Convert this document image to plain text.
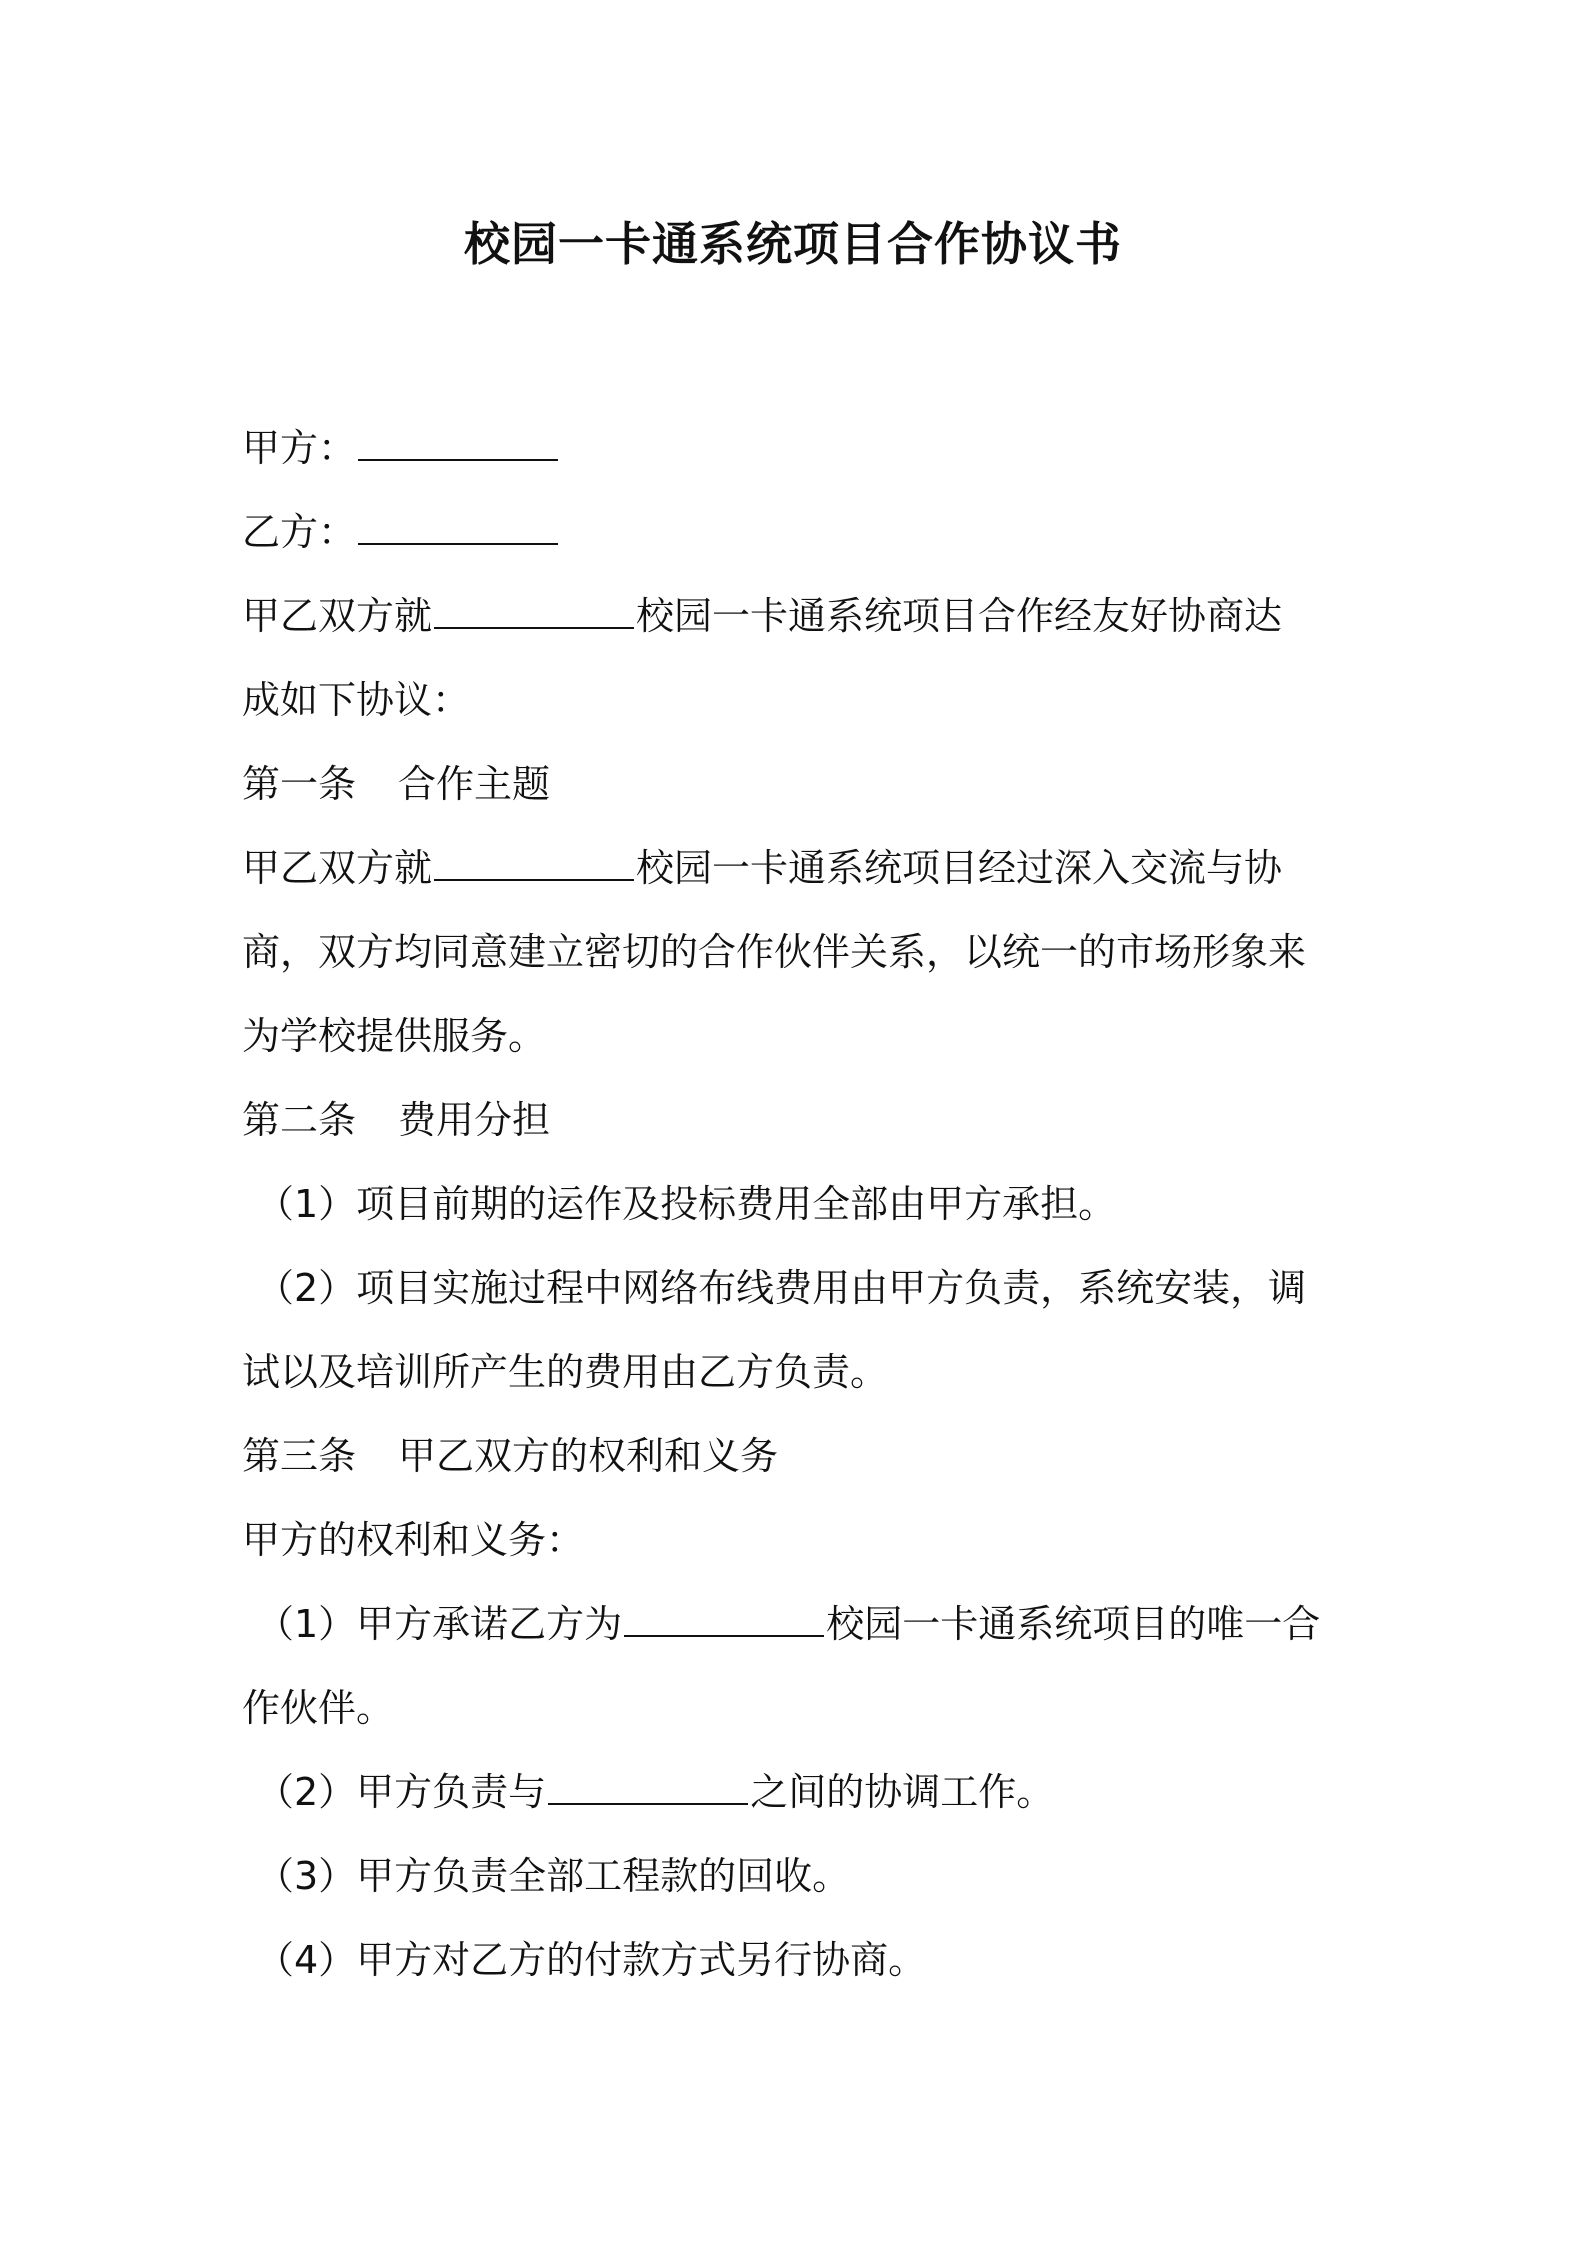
校园一卡通系统项目合作协议书
甲方：
乙方：
甲乙双方就	校园一卡通系统项目合作经友好协商达
成如下协议：
第一条 合作主题
甲乙双方就	校园一卡通系统项目经过深入交流与协
商，双方均同意建立密切的合作伙伴关系，以统一的市场形象来
为学校提供服务。
第二条 费用分担
（1）项目前期的运作及投标费用全部由甲方承担。
（2）项目实施过程中网络布线费用由甲方负责，系统安装，调
试以及培训所产生的费用由乙方负责。
第三条 甲乙双方的权利和义务
甲方的权利和义务：
（1）甲方承诺乙方为	校园一卡通系统项目的唯一合
作伙伴。
（2）甲方负责与	之间的协调工作。
（3）甲方负责全部工程款的回收。
（4）甲方对乙方的付款方式另行协商。
